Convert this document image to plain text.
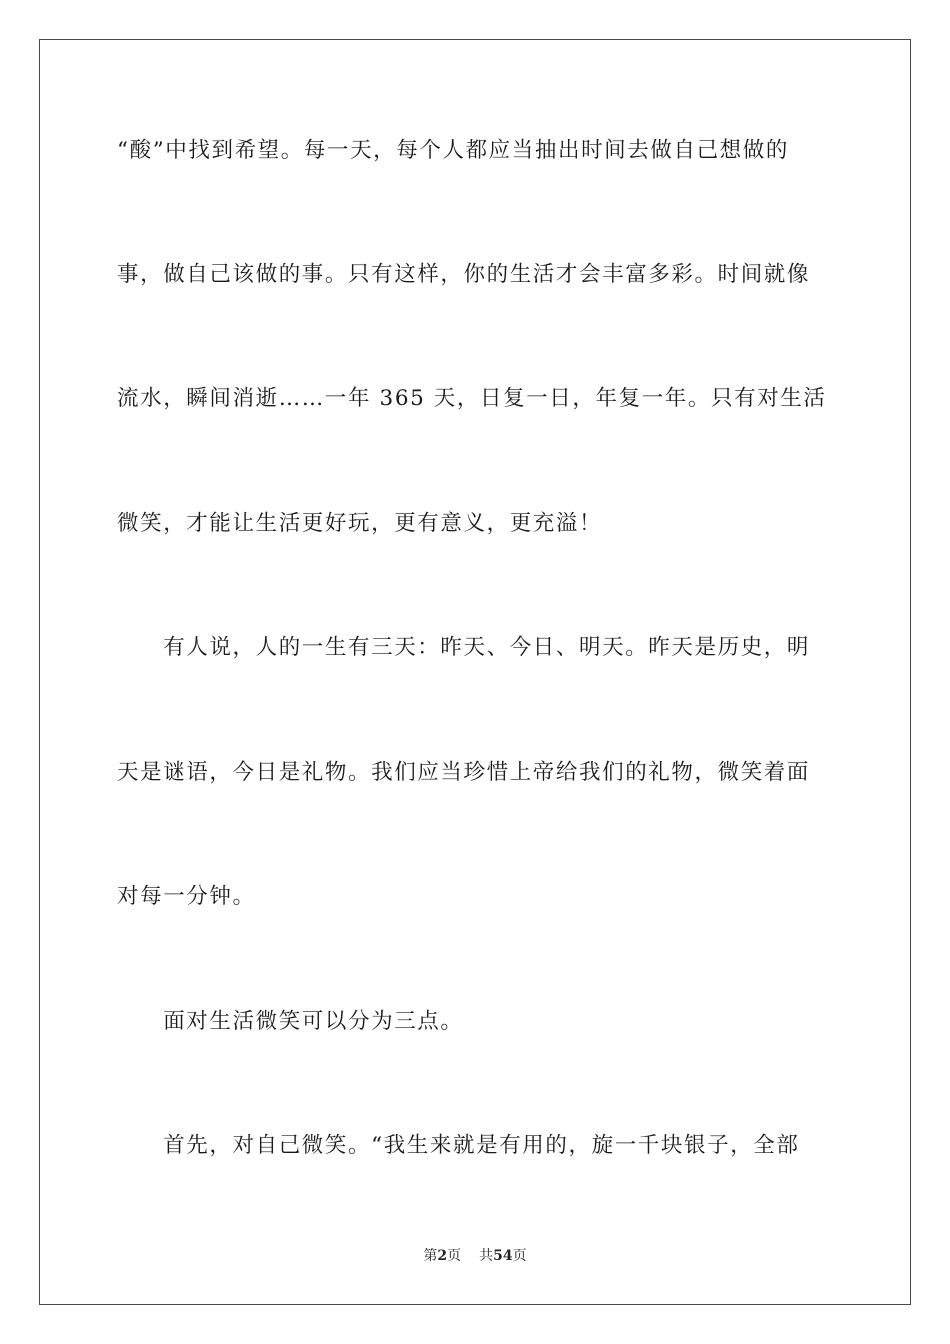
“酸”中找到希望。每一天，每个人都应当抽出时间去做自己想做的
事，做自己该做的事。只有这样，你的生活才会丰富多彩。时间就像
流水，瞬间消逝……一年 365 天，日复一日，年复一年。只有对生活
微笑，才能让生活更好玩，更有意义，更充溢！
　　有人说，人的一生有三天：昨天、今日、明天。昨天是历史，明
天是谜语，今日是礼物。我们应当珍惜上帝给我们的礼物，微笑着面
对每一分钟。
　　面对生活微笑可以分为三点。
　　首先，对自己微笑。“我生来就是有用的，旋一千块银子，全部
第2页 共54页
